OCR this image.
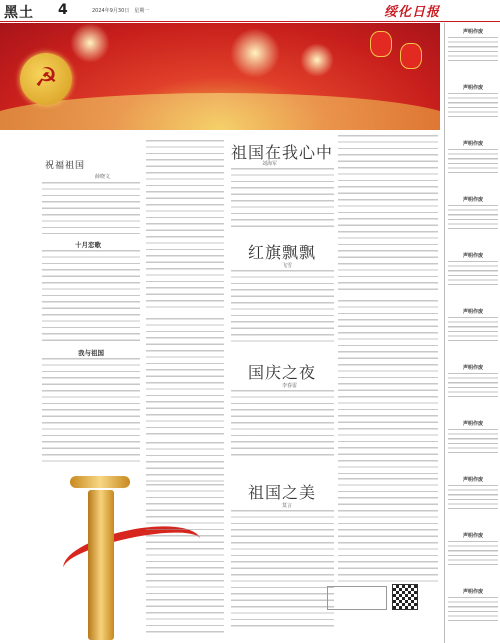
黑土 4	2024年9月30日　星期一	绥化日报
☭
祝福祖国
薛晓文
十月恋歌
我与祖国
祖国在我心中
刘海军
红旗飘飘
飞雪
国庆之夜
李春雷
祖国之美
莫言
声明作废
声明作废
声明作废
声明作废
声明作废
声明作废
声明作废
声明作废
声明作废
声明作废
声明作废
